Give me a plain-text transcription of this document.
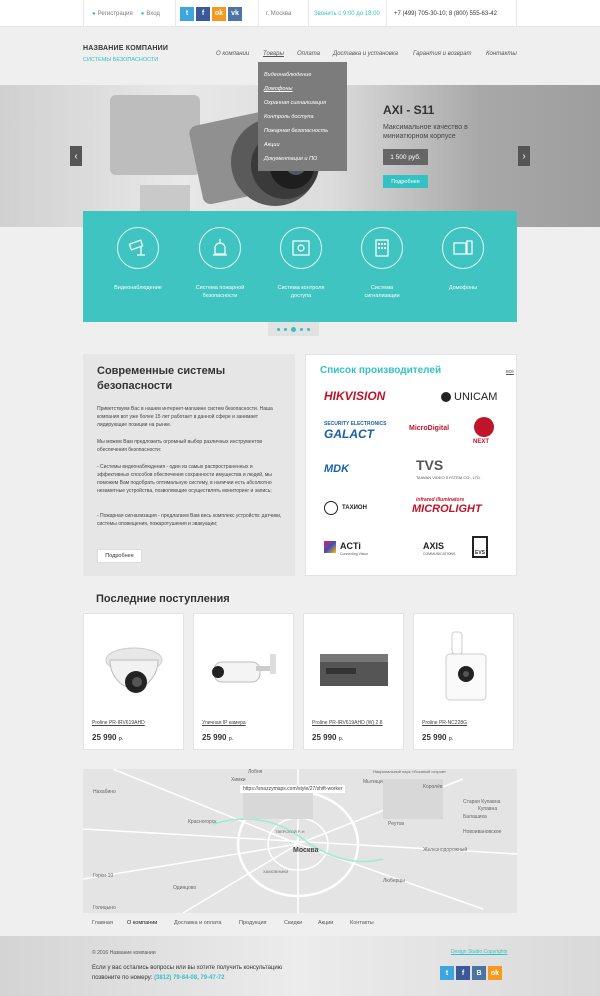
● Регистрация ● Вход	t	f	ok	vk	г. Москва	Звонить с 9:00 до 18:00	+7 (499) 705-30-10; 8 (800) 555-63-42
НАЗВАНИЕ КОМПАНИИ
СИСТЕМЫ БЕЗОПАСНОСТИ
О компании Товары Оплата Доставка и установка Гарантия и возврат Контакты
‹	›
AXI - S11
Максимальное качество в
миниатюрном корпусе
1 500 руб.
Подробнее
Видеонаблюдение
Домофоны
Охранная сигнализация
Контроль доступа
Пожарная безопасность
Акции
Документация и ПО
Видеонаблюдение	Система пожарной
безопасности
Система контроля
доступа
Система
сигнализации
Домофоны
Современные системы
безопасности

Приветствуем Вас в нашем интернет-магазине систем безопасности. Наша компания вот уже более 15 лет работает в данной сфере и занимает лидирующие позиции на рынке.

Мы можем Вам предложить огромный выбор различных инструментов обеспечения безопасности:

- Системы видеонаблюдения - один из самых распространенных и эффективных способов обеспечения сохранности имущества и людей, мы поможем Вам подобрать оптимальную систему, в наличии есть абсолютно незаметные устройства, позволяющие осуществлять мониторинг и запись;

- Пожарная сигнализация - предлагаем Вам весь комплекс устройств: датчики, системы оповещения, пожаротушения и эвакуации;

Подробнее
Список производителей	все
HIKVISION	UNICAM
SECURITY ELECTRONICS
GALACT	MicroDigital
NEXT
MDK	TVS
TAIWAN VIDEO SYSTEM CO., LTD.
ТАХИОН
infrared illuminators
MICROLIGHT
ACTi
Connecting Vision
AXIS
COMMUNICATIONS	EVS
Последние поступления
Proline PR-IRV619AHD
25 990 р.
Уличная IP камера
25 990 р.
Proline PR-IRV619AHD (W) 2.8
25 990 р.
Proline PR-NC228G
25 990 р.
Москва
Красногорск
Балашиха
Железнодорожный
Реутов
Люберцы
Одинцово
Химки
Лобня
Мытищи
Королёв
Нахабино
Голицыно
Горки-10
Новоивановское
Старая Купавна
Купавна
ТВЕРСКОЙ Р-Н
ХАМОВНИКИ
Национальный парк «Лосиный остров»
https://snazzymaps.com/style/27/shift-worker
Главная	О компании	Доставка и оплата	Продукция	Скидки	Акции	Контакты
© 2016 Название компании	Design Studio Copyrights
Если у вас остались вопросы или вы хотите получить консультацию
позвоните по номеру: (3812) 79-84-08, 79-47-72
t	f	B	ok
